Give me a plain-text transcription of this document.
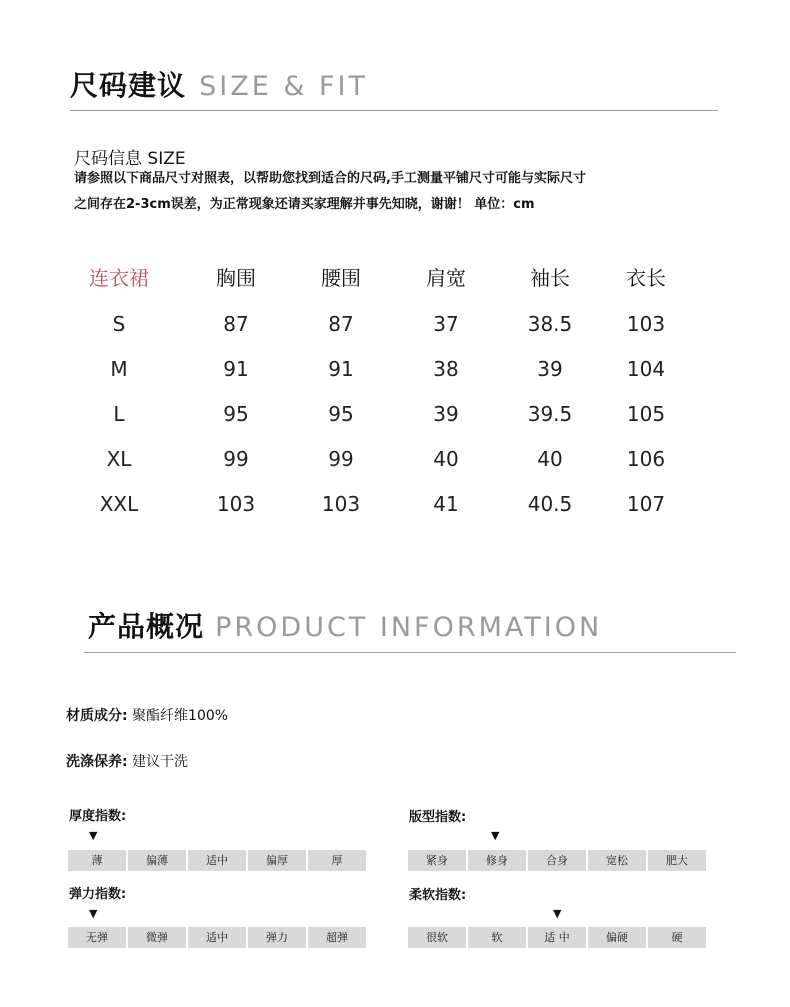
尺码建议 SIZE & FIT
尺码信息 SIZE
请参照以下商品尺寸对照表，以帮助您找到适合的尺码,手工测量平铺尺寸可能与实际尺寸
之间存在2-3cm误差，为正常现象还请买家理解并事先知晓，谢谢！ 单位：cm
连衣裙	胸围	腰围	肩宽	袖长	衣长
S	87	87	37	38.5	103
M	91	91	38	39	104
L	95	95	39	39.5	105
XL	99	99	40	40	106
XXL	103	103	41	40.5	107
产品概况 PRODUCT INFORMATION
材质成分: 聚酯纤维100%
洗涤保养: 建议干洗
厚度指数:
▼
薄	偏薄	适中	偏厚	厚
版型指数:
▼
紧身	修身	合身	宽松	肥大
弹力指数:
▼
无弹	微弹	适中	弹力	超弹
柔软指数:
▼
很软	软	适 中	偏硬	硬
